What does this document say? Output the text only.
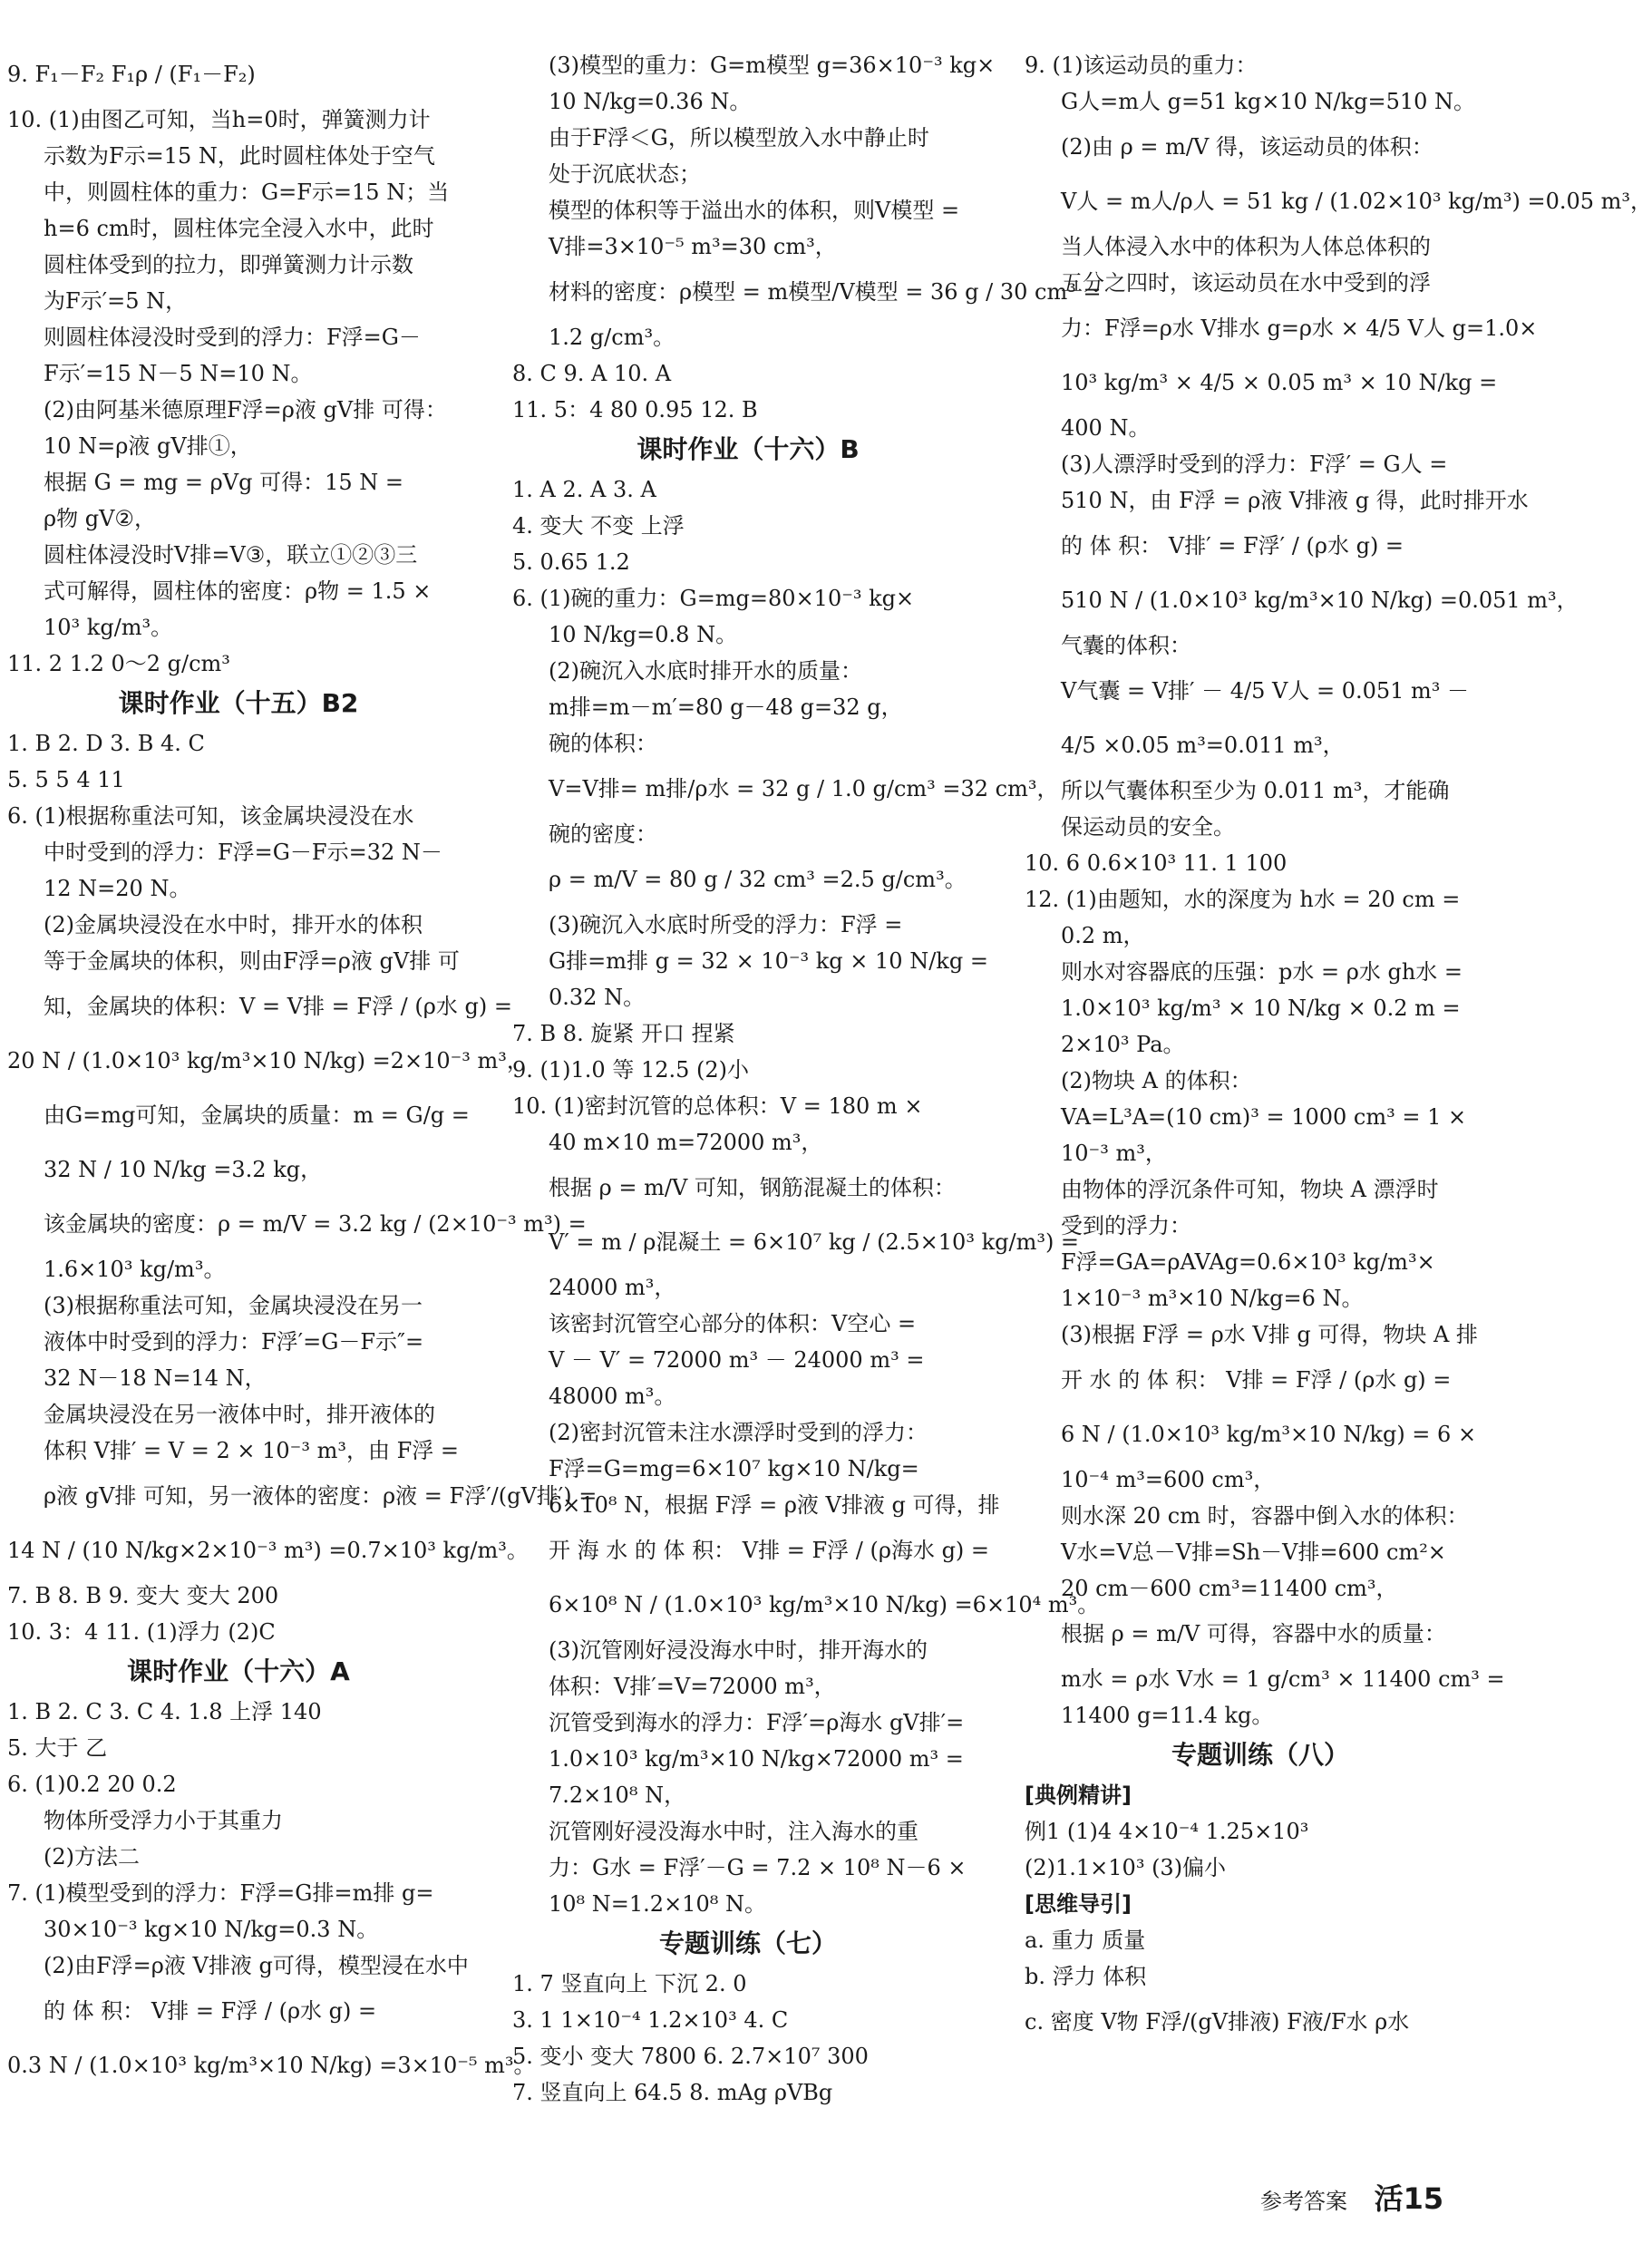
9. F₁－F₂ F₁ρ / (F₁－F₂)
10. (1)由图乙可知，当h=0时，弹簧测力计
示数为F示=15 N，此时圆柱体处于空气
中，则圆柱体的重力：G=F示=15 N；当
h=6 cm时，圆柱体完全浸入水中，此时
圆柱体受到的拉力，即弹簧测力计示数
为F示′=5 N，
则圆柱体浸没时受到的浮力：F浮=G－
F示′=15 N－5 N=10 N。
(2)由阿基米德原理F浮=ρ液 gV排 可得：
10 N=ρ液 gV排①，
根据 G = mg = ρVg 可得：15 N =
ρ物 gV②，
圆柱体浸没时V排=V③，联立①②③三
式可解得，圆柱体的密度：ρ物 = 1.5 ×
10³ kg/m³。
11. 2 1.2 0～2 g/cm³
课时作业（十五）B2
1. B 2. D 3. B 4. C
5. 5 5 4 11
6. (1)根据称重法可知，该金属块浸没在水
中时受到的浮力：F浮=G－F示=32 N－
12 N=20 N。
(2)金属块浸没在水中时，排开水的体积
等于金属块的体积，则由F浮=ρ液 gV排 可
知，金属块的体积：V = V排 = F浮 / (ρ水 g) =
20 N / (1.0×10³ kg/m³×10 N/kg) =2×10⁻³ m³，
由G=mg可知，金属块的质量：m = G/g =
32 N / 10 N/kg =3.2 kg，
该金属块的密度：ρ = m/V = 3.2 kg / (2×10⁻³ m³) =
1.6×10³ kg/m³。
(3)根据称重法可知，金属块浸没在另一
液体中时受到的浮力：F浮′=G－F示″=
32 N－18 N=14 N，
金属块浸没在另一液体中时，排开液体的
体积 V排′ = V = 2 × 10⁻³ m³，由 F浮 =
ρ液 gV排 可知，另一液体的密度：ρ液 = F浮′/(gV排′) =
14 N / (10 N/kg×2×10⁻³ m³) =0.7×10³ kg/m³。
7. B 8. B 9. 变大 变大 200
10. 3：4 11. (1)浮力 (2)C
课时作业（十六）A
1. B 2. C 3. C 4. 1.8 上浮 140
5. 大于 乙
6. (1)0.2 20 0.2
物体所受浮力小于其重力
(2)方法二
7. (1)模型受到的浮力：F浮=G排=m排 g=
30×10⁻³ kg×10 N/kg=0.3 N。
(2)由F浮=ρ液 V排液 g可得，模型浸在水中
的 体 积： V排 = F浮 / (ρ水 g) =
0.3 N / (1.0×10³ kg/m³×10 N/kg) =3×10⁻⁵ m³。
(3)模型的重力：G=m模型 g=36×10⁻³ kg×
10 N/kg=0.36 N。
由于F浮＜G，所以模型放入水中静止时
处于沉底状态；
模型的体积等于溢出水的体积，则V模型 =
V排=3×10⁻⁵ m³=30 cm³，
材料的密度：ρ模型 = m模型/V模型 = 36 g / 30 cm³ =
1.2 g/cm³。
8. C 9. A 10. A
11. 5：4 80 0.95 12. B
课时作业（十六）B
1. A 2. A 3. A
4. 变大 不变 上浮
5. 0.65 1.2
6. (1)碗的重力：G=mg=80×10⁻³ kg×
10 N/kg=0.8 N。
(2)碗沉入水底时排开水的质量：
m排=m－m′=80 g－48 g=32 g，
碗的体积：
V=V排= m排/ρ水 = 32 g / 1.0 g/cm³ =32 cm³，
碗的密度：
ρ = m/V = 80 g / 32 cm³ =2.5 g/cm³。
(3)碗沉入水底时所受的浮力：F浮 =
G排=m排 g = 32 × 10⁻³ kg × 10 N/kg =
0.32 N。
7. B 8. 旋紧 开口 捏紧
9. (1)1.0 等 12.5 (2)小
10. (1)密封沉管的总体积：V = 180 m ×
40 m×10 m=72000 m³，
根据 ρ = m/V 可知，钢筋混凝土的体积：
V′ = m / ρ混凝土 = 6×10⁷ kg / (2.5×10³ kg/m³) =
24000 m³，
该密封沉管空心部分的体积：V空心 =
V － V′ = 72000 m³ － 24000 m³ =
48000 m³。
(2)密封沉管未注水漂浮时受到的浮力：
F浮=G=mg=6×10⁷ kg×10 N/kg=
6×10⁸ N，根据 F浮 = ρ液 V排液 g 可得，排
开 海 水 的 体 积： V排 = F浮 / (ρ海水 g) =
6×10⁸ N / (1.0×10³ kg/m³×10 N/kg) =6×10⁴ m³。
(3)沉管刚好浸没海水中时，排开海水的
体积：V排′=V=72000 m³，
沉管受到海水的浮力：F浮′=ρ海水 gV排′=
1.0×10³ kg/m³×10 N/kg×72000 m³ =
7.2×10⁸ N，
沉管刚好浸没海水中时，注入海水的重
力：G水 = F浮′－G = 7.2 × 10⁸ N－6 ×
10⁸ N=1.2×10⁸ N。
专题训练（七）
1. 7 竖直向上 下沉 2. 0
3. 1 1×10⁻⁴ 1.2×10³ 4. C
5. 变小 变大 7800 6. 2.7×10⁷ 300
7. 竖直向上 64.5 8. mAg ρVBg
9. (1)该运动员的重力：
G人=m人 g=51 kg×10 N/kg=510 N。
(2)由 ρ = m/V 得，该运动员的体积：
V人 = m人/ρ人 = 51 kg / (1.02×10³ kg/m³) =0.05 m³，
当人体浸入水中的体积为人体总体积的
五分之四时，该运动员在水中受到的浮
力：F浮=ρ水 V排水 g=ρ水 × 4/5 V人 g=1.0×
10³ kg/m³ × 4/5 × 0.05 m³ × 10 N/kg =
400 N。
(3)人漂浮时受到的浮力：F浮′ = G人 =
510 N，由 F浮 = ρ液 V排液 g 得，此时排开水
的 体 积： V排′ = F浮′ / (ρ水 g) =
510 N / (1.0×10³ kg/m³×10 N/kg) =0.051 m³，
气囊的体积：
V气囊 = V排′ － 4/5 V人 = 0.051 m³ －
4/5 ×0.05 m³=0.011 m³，
所以气囊体积至少为 0.011 m³，才能确
保运动员的安全。
10. 6 0.6×10³ 11. 1 100
12. (1)由题知，水的深度为 h水 = 20 cm =
0.2 m，
则水对容器底的压强：p水 = ρ水 gh水 =
1.0×10³ kg/m³ × 10 N/kg × 0.2 m =
2×10³ Pa。
(2)物块 A 的体积：
VA=L³A=(10 cm)³ = 1000 cm³ = 1 ×
10⁻³ m³，
由物体的浮沉条件可知，物块 A 漂浮时
受到的浮力：
F浮=GA=ρAVAg=0.6×10³ kg/m³×
1×10⁻³ m³×10 N/kg=6 N。
(3)根据 F浮 = ρ水 V排 g 可得，物块 A 排
开 水 的 体 积： V排 = F浮 / (ρ水 g) =
6 N / (1.0×10³ kg/m³×10 N/kg) = 6 ×
10⁻⁴ m³=600 cm³，
则水深 20 cm 时，容器中倒入水的体积：
V水=V总－V排=Sh－V排=600 cm²×
20 cm－600 cm³=11400 cm³，
根据 ρ = m/V 可得，容器中水的质量：
m水 = ρ水 V水 = 1 g/cm³ × 11400 cm³ =
11400 g=11.4 kg。
专题训练（八）
[典例精讲]
例1 (1)4 4×10⁻⁴ 1.25×10³
(2)1.1×10³ (3)偏小
[思维导引]
a. 重力 质量
b. 浮力 体积
c. 密度 V物 F浮/(gV排液) F液/F水 ρ水
参考答案 活15
